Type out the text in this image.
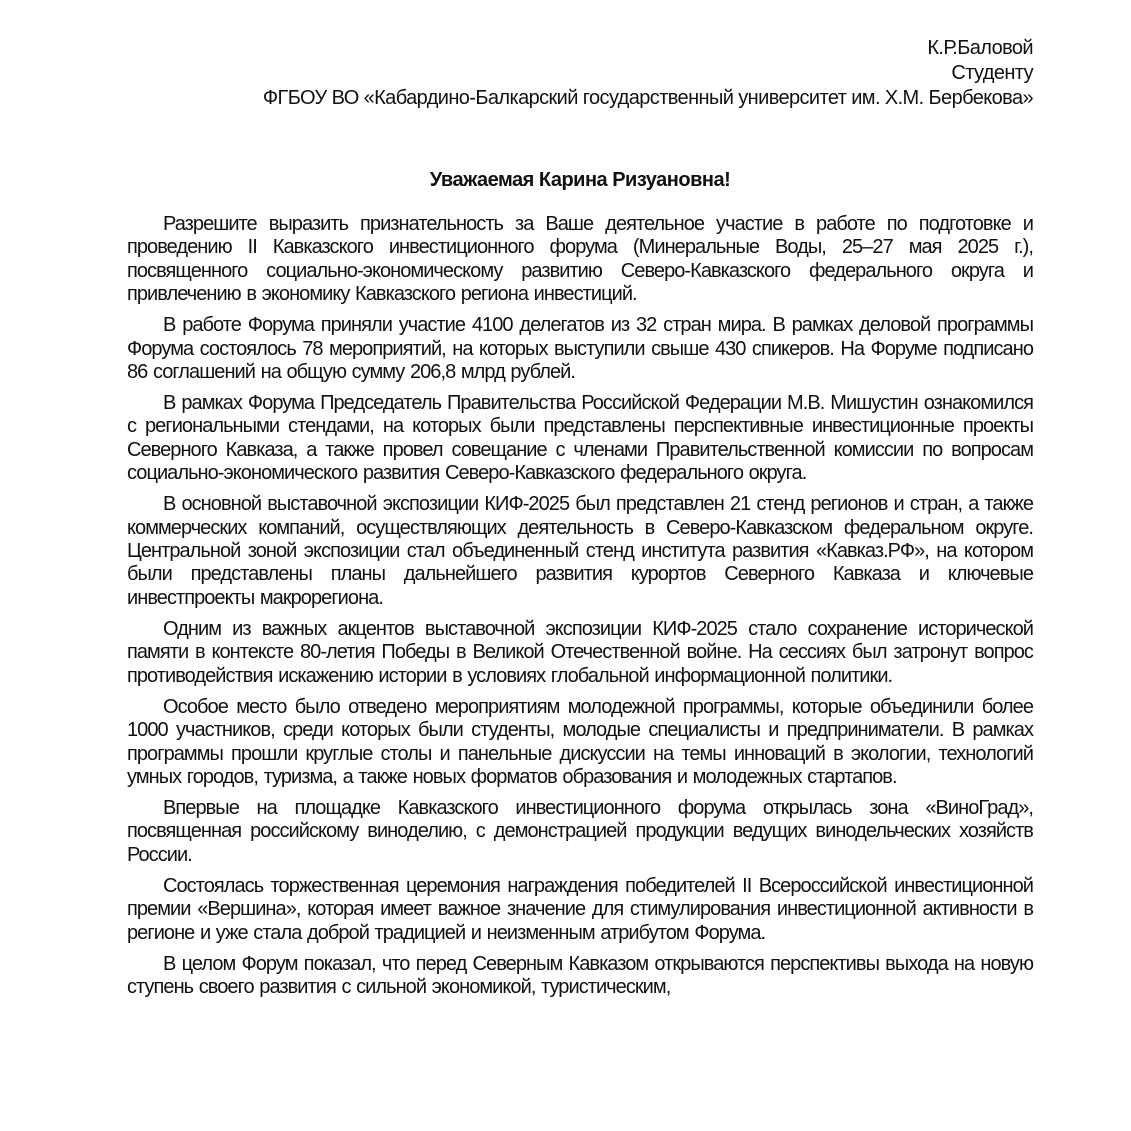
К.Р.Баловой
Студенту
ФГБОУ ВО «Кабардино-Балкарский государственный университет им. Х.М. Бербекова»
Уважаемая Карина Ризуановна!

Разрешите выразить признательность за Ваше деятельное участие в работе по подготовке и проведению II Кавказского инвестиционного форума (Минеральные Воды, 25–27 мая 2025 г.), посвященного социально-экономическому развитию Северо-Кавказского федерального округа и привлечению в экономику Кавказского региона инвестиций.

В работе Форума приняли участие 4100 делегатов из 32 стран мира. В рамках деловой программы Форума состоялось 78 мероприятий, на которых выступили свыше 430 спикеров. На Форуме подписано 86 соглашений на общую сумму 206,8 млрд рублей.

В рамках Форума Председатель Правительства Российской Федерации М.В. Мишустин ознакомился с региональными стендами, на которых были представлены перспективные инвестиционные проекты Северного Кавказа, а также провел совещание с членами Правительственной комиссии по вопросам социально-экономического развития Северо-Кавказского федерального округа.

В основной выставочной экспозиции КИФ-2025 был представлен 21 стенд регионов и стран, а также коммерческих компаний, осуществляющих деятельность в Северо-Кавказском федеральном округе. Центральной зоной экспозиции стал объединенный стенд института развития «Кавказ.РФ», на котором были представлены планы дальнейшего развития курортов Северного Кавказа и ключевые инвестпроекты макрорегиона.

Одним из важных акцентов выставочной экспозиции КИФ-2025 стало сохранение исторической памяти в контексте 80-летия Победы в Великой Отечественной войне. На сессиях был затронут вопрос противодействия искажению истории в условиях глобальной информационной политики.

Особое место было отведено мероприятиям молодежной программы, которые объединили более 1000 участников, среди которых были студенты, молодые специалисты и предприниматели. В рамках программы прошли круглые столы и панельные дискуссии на темы инноваций в экологии, технологий умных городов, туризма, а также новых форматов образования и молодежных стартапов.

Впервые на площадке Кавказского инвестиционного форума открылась зона «ВиноГрад», посвященная российскому виноделию, с демонстрацией продукции ведущих винодельческих хозяйств России.

Состоялась торжественная церемония награждения победителей II Всероссийской инвестиционной премии «Вершина», которая имеет важное значение для стимулирования инвестиционной активности в регионе и уже стала доброй традицией и неизменным атрибутом Форума.

В целом Форум показал, что перед Северным Кавказом открываются перспективы выхода на новую ступень своего развития с сильной экономикой, туристическим,
